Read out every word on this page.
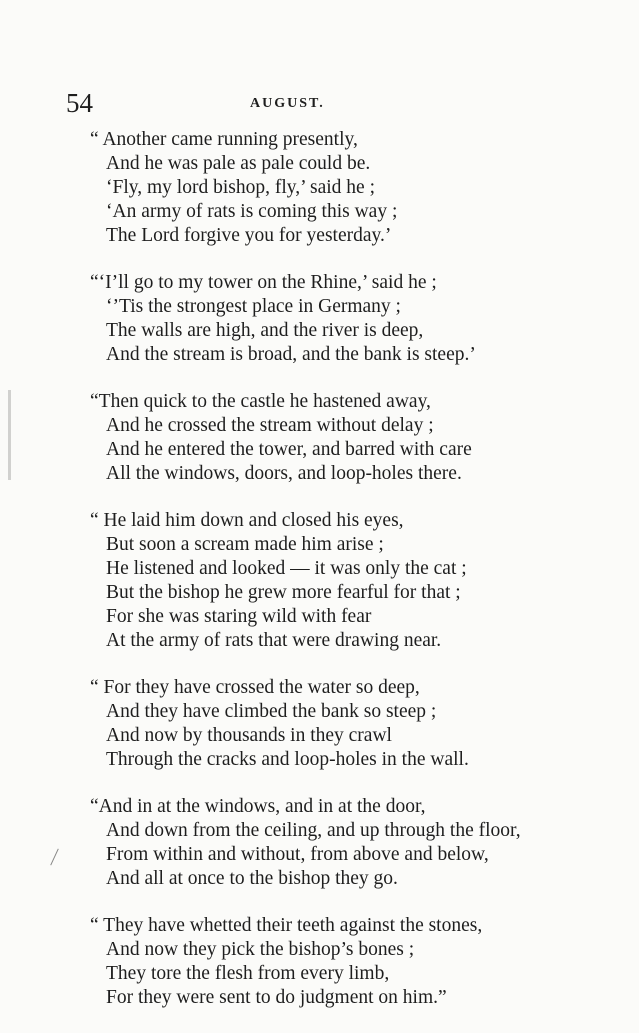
54	AUGUST.
“ Another came running presently,
And he was pale as pale could be.
‘Fly, my lord bishop, fly,’ said he ;
‘An army of rats is coming this way ;
The Lord forgive you for yesterday.’
“‘I’ll go to my tower on the Rhine,’ said he ;
‘’Tis the strongest place in Germany ;
The walls are high, and the river is deep,
And the stream is broad, and the bank is steep.’
“Then quick to the castle he hastened away,
And he crossed the stream without delay ;
And he entered the tower, and barred with care
All the windows, doors, and loop-holes there.
“ He laid him down and closed his eyes,
But soon a scream made him arise ;
He listened and looked — it was only the cat ;
But the bishop he grew more fearful for that ;
For she was staring wild with fear
At the army of rats that were drawing near.
“ For they have crossed the water so deep,
And they have climbed the bank so steep ;
And now by thousands in they crawl
Through the cracks and loop-holes in the wall.
“And in at the windows, and in at the door,
And down from the ceiling, and up through the floor,
From within and without, from above and below,
And all at once to the bishop they go.
“ They have whetted their teeth against the stones,
And now they pick the bishop’s bones ;
They tore the flesh from every limb,
For they were sent to do judgment on him.”
